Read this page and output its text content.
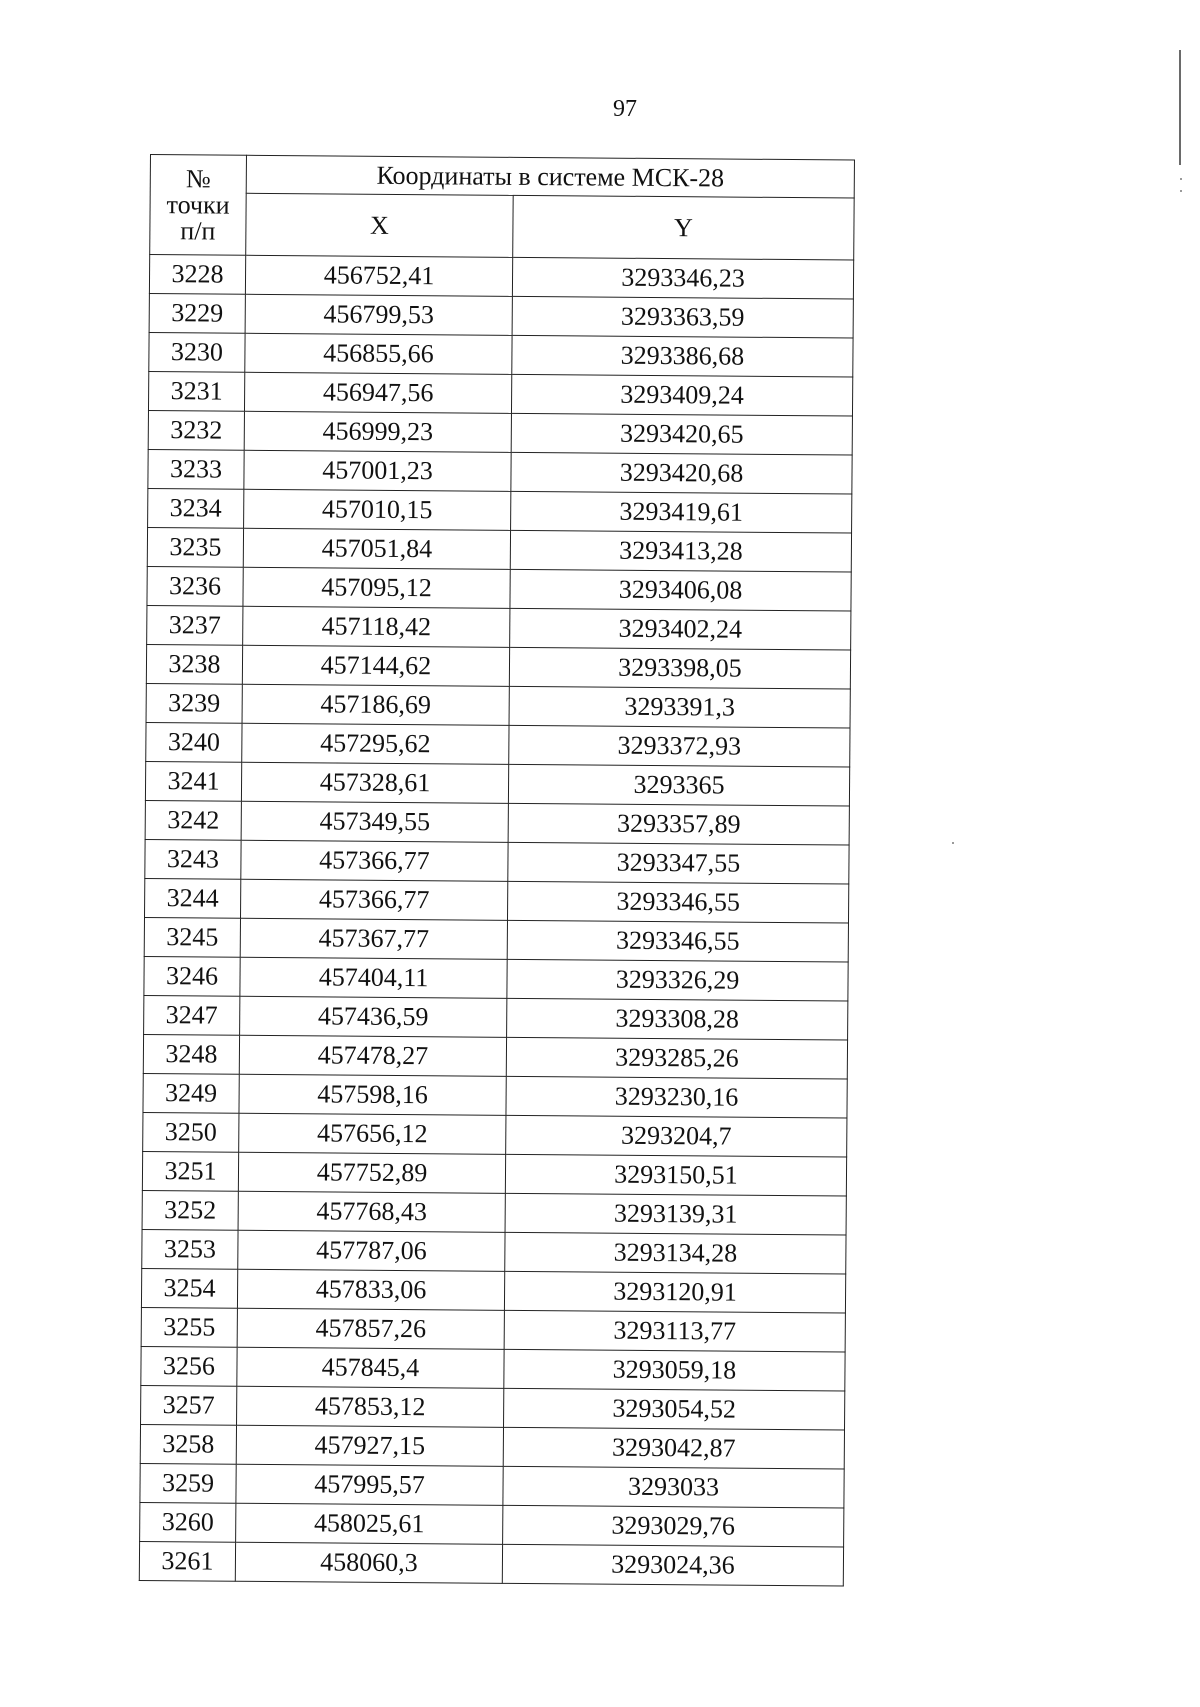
97
№
точки
п/п	Координаты в системе МСК-28	
	X	Y
3228	456752,41	3293346,23
3229	456799,53	3293363,59
3230	456855,66	3293386,68
3231	456947,56	3293409,24
3232	456999,23	3293420,65
3233	457001,23	3293420,68
3234	457010,15	3293419,61
3235	457051,84	3293413,28
3236	457095,12	3293406,08
3237	457118,42	3293402,24
3238	457144,62	3293398,05
3239	457186,69	3293391,3
3240	457295,62	3293372,93
3241	457328,61	3293365
3242	457349,55	3293357,89
3243	457366,77	3293347,55
3244	457366,77	3293346,55
3245	457367,77	3293346,55
3246	457404,11	3293326,29
3247	457436,59	3293308,28
3248	457478,27	3293285,26
3249	457598,16	3293230,16
3250	457656,12	3293204,7
3251	457752,89	3293150,51
3252	457768,43	3293139,31
3253	457787,06	3293134,28
3254	457833,06	3293120,91
3255	457857,26	3293113,77
3256	457845,4	3293059,18
3257	457853,12	3293054,52
3258	457927,15	3293042,87
3259	457995,57	3293033
3260	458025,61	3293029,76
3261	458060,3	3293024,36
